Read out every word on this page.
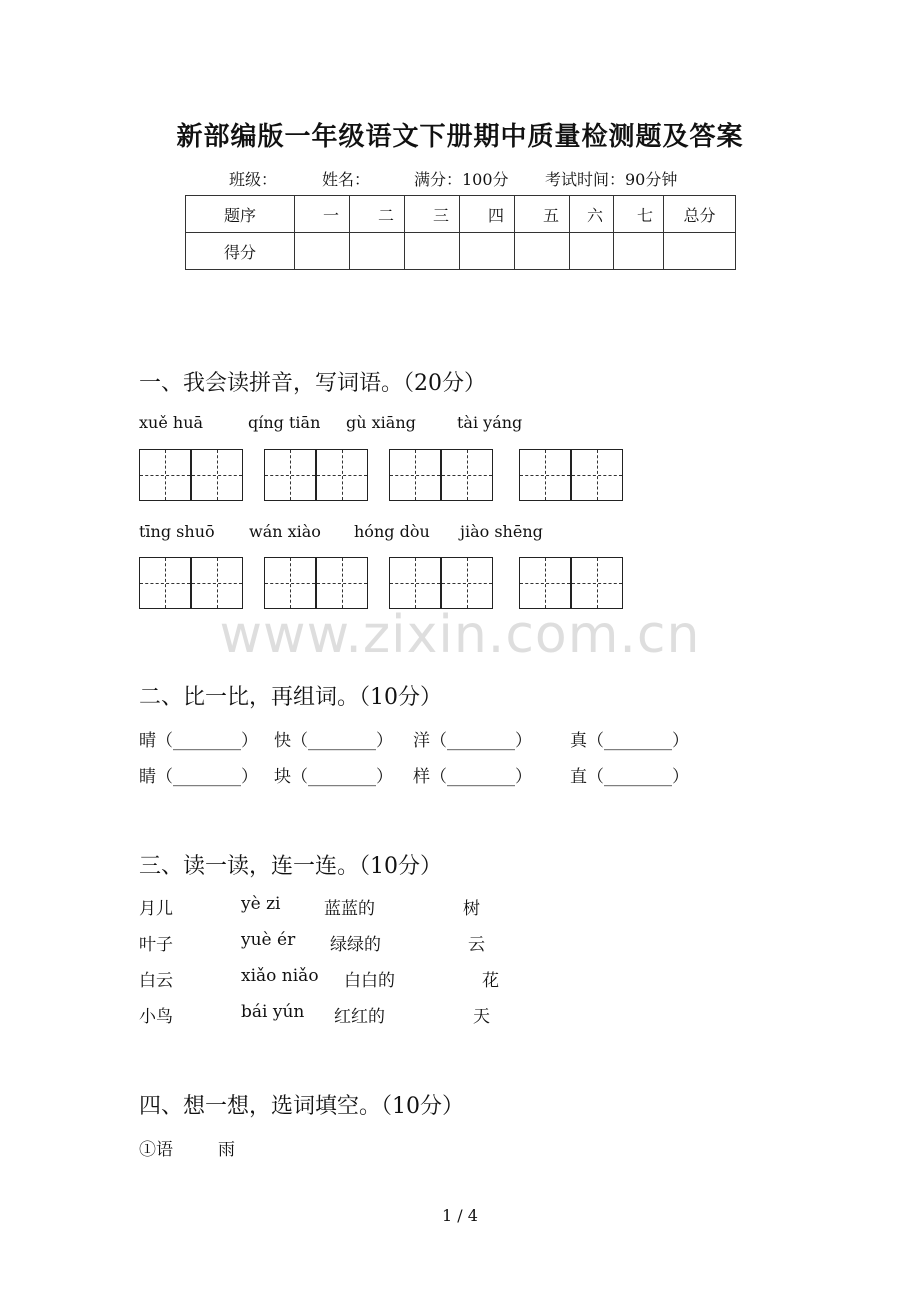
新部编版一年级语文下册期中质量检测题及答案
班级：	姓名：	满分：100分 考试时间：90分钟
题序	一	二	三	四	五	六	七	总分
得分								
一、我会读拼音，写词语。（20分）
xuě huā	qíng tiān gù xiāng	tài yáng
tīng shuō wán xiào hóng dòu jiào shēng
www.zixin.com.cn
二、比一比，再组词。（10分）
晴（________） 快（________） 洋（________） 真（________）
睛（________） 块（________） 样（________） 直（________）
三、读一读，连一连。（10分）
月儿	yè zi	蓝蓝的	树
叶子	yuè ér 绿绿的	云
白云	xiǎo niǎo 白白的	花
小鸟	bái yún 红红的	天
四、想一想，选词填空。（10分）
①语	雨
1 / 4
